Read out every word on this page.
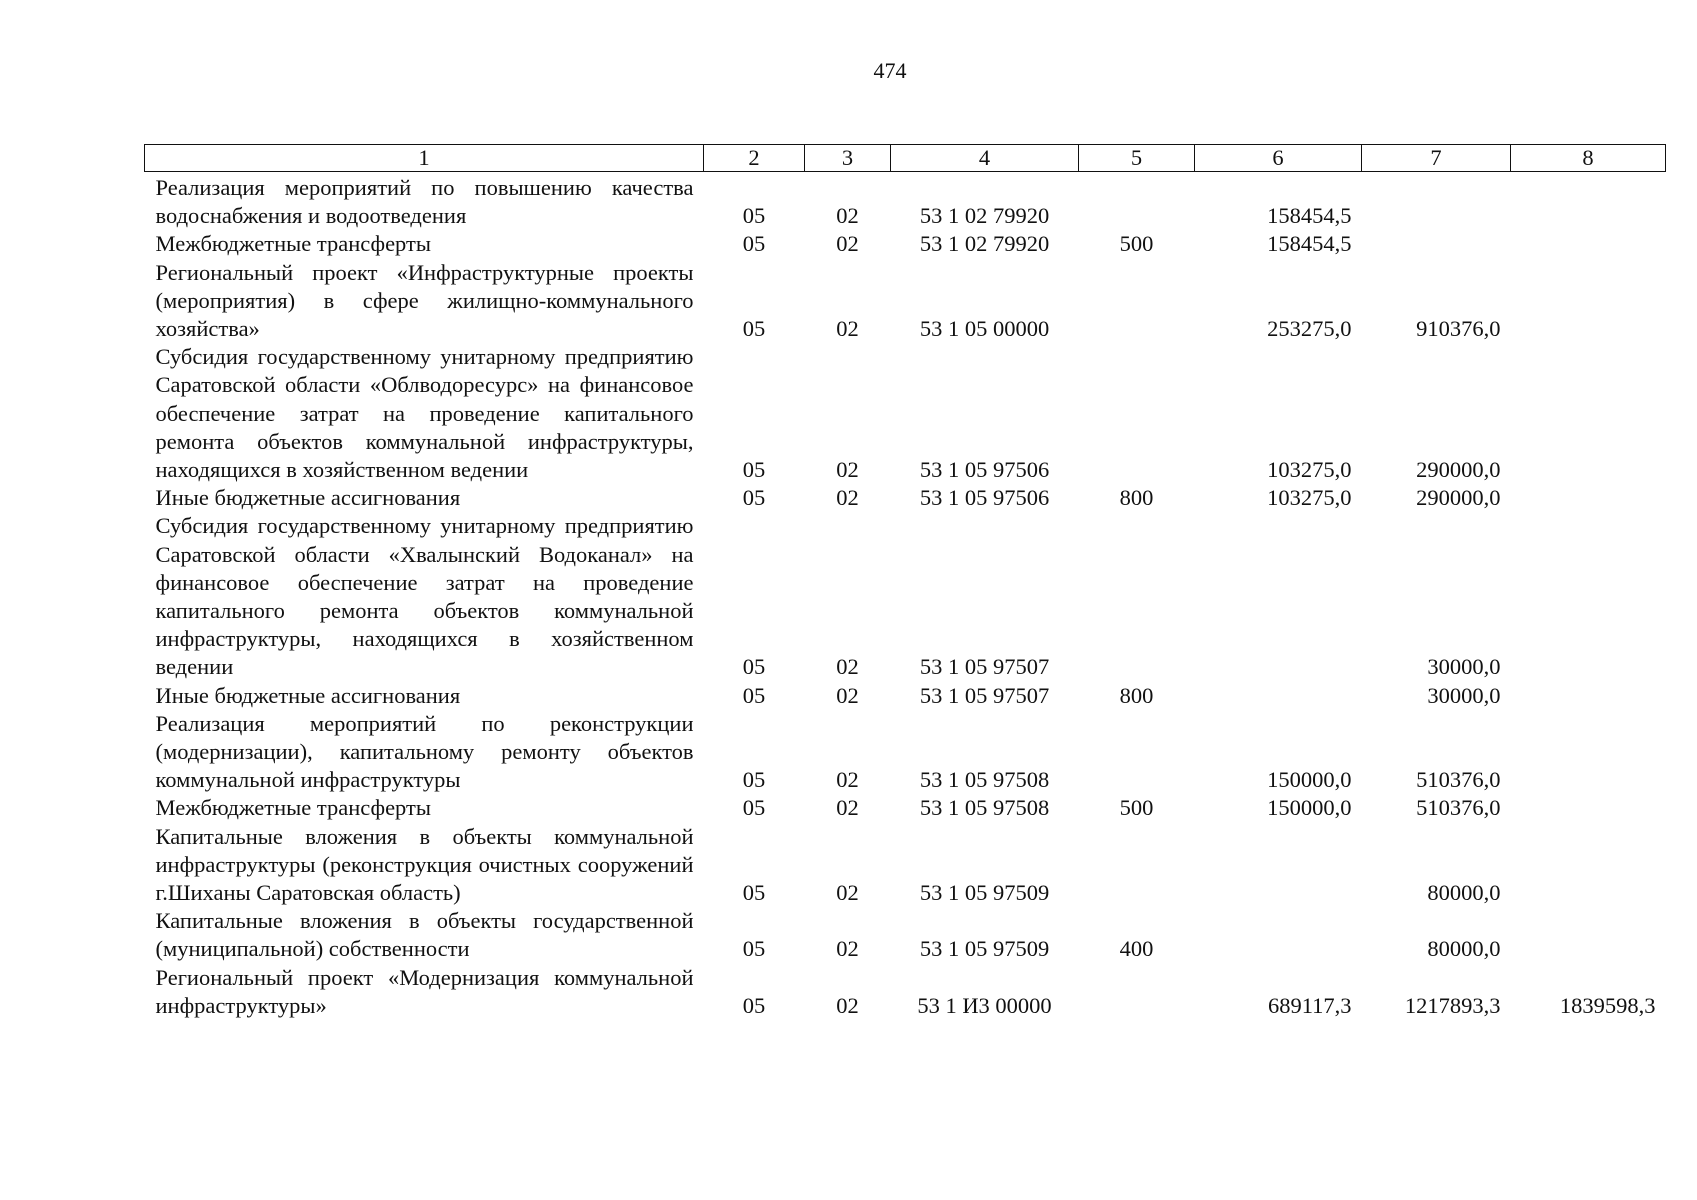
474
1	2	3	4	5	6	7	8
Реализация мероприятий по повышению качества водоснабжения и водоотведения	05	02	53 1 02 79920		158454,5		
Межбюджетные трансферты	05	02	53 1 02 79920	500	158454,5		
Региональный проект «Инфраструктурные проекты (мероприятия) в сфере жилищно-коммунального хозяйства»	05	02	53 1 05 00000		253275,0	910376,0	
Субсидия государственному унитарному предприятию Саратовской области «Облводоресурс» на финансовое обеспечение затрат на проведение капитального ремонта объектов коммунальной инфраструктуры, находящихся в хозяйственном ведении	05	02	53 1 05 97506		103275,0	290000,0	
Иные бюджетные ассигнования	05	02	53 1 05 97506	800	103275,0	290000,0	
Субсидия государственному унитарному предприятию Саратовской области «Хвалынский Водоканал» на финансовое обеспечение затрат на проведение капитального ремонта объектов коммунальной инфраструктуры, находящихся в хозяйственном ведении	05	02	53 1 05 97507			30000,0	
Иные бюджетные ассигнования	05	02	53 1 05 97507	800		30000,0	
Реализация мероприятий по реконструкции (модернизации), капитальному ремонту объектов коммунальной инфраструктуры	05	02	53 1 05 97508		150000,0	510376,0	
Межбюджетные трансферты	05	02	53 1 05 97508	500	150000,0	510376,0	
Капитальные вложения в объекты коммунальной инфраструктуры (реконструкция очистных сооружений г.Шиханы Саратовская область)	05	02	53 1 05 97509			80000,0	
Капитальные вложения в объекты государственной (муниципальной) собственности	05	02	53 1 05 97509	400		80000,0	
Региональный проект «Модернизация коммунальной инфраструктуры»	05	02	53 1 И3 00000		689117,3	1217893,3	1839598,3
